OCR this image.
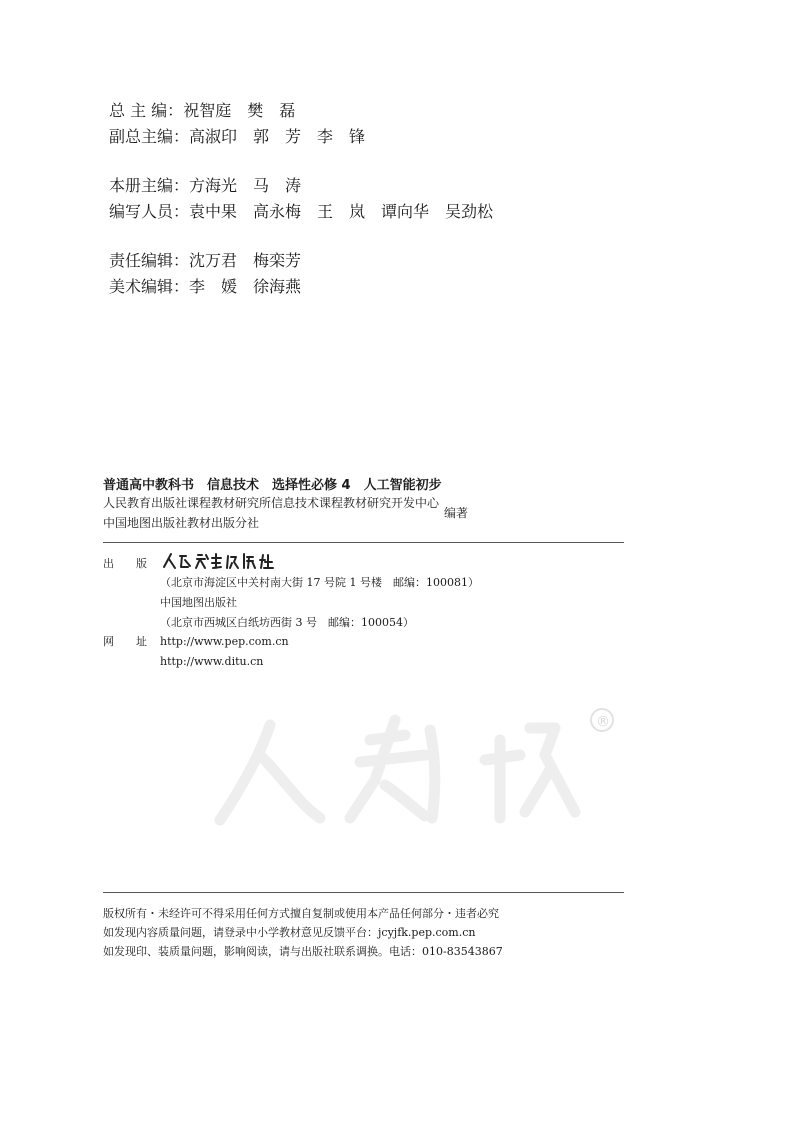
总 主 编：祝智庭　樊　磊
副总主编：高淑印　郭　芳　李　锋
本册主编：方海光　马　涛
编写人员：袁中果　高永梅　王　岚　谭向华　吴劲松
责任编辑：沈万君　梅栾芳
美术编辑：李　媛　徐海燕
普通高中教科书　信息技术　选择性必修 4　人工智能初步
人民教育出版社课程教材研究所信息技术课程教材研究开发中心
中国地图出版社教材出版分社
编著
出　　版
（北京市海淀区中关村南大街 17 号院 1 号楼　邮编：100081）
中国地图出版社
（北京市西城区白纸坊西街 3 号　邮编：100054）
网　　址 http://www.pep.com.cn
http://www.ditu.cn
®
版权所有・未经许可不得采用任何方式擅自复制或使用本产品任何部分・违者必究
如发现内容质量问题，请登录中小学教材意见反馈平台：jcyjfk.pep.com.cn
如发现印、装质量问题，影响阅读，请与出版社联系调换。电话：010-83543867
